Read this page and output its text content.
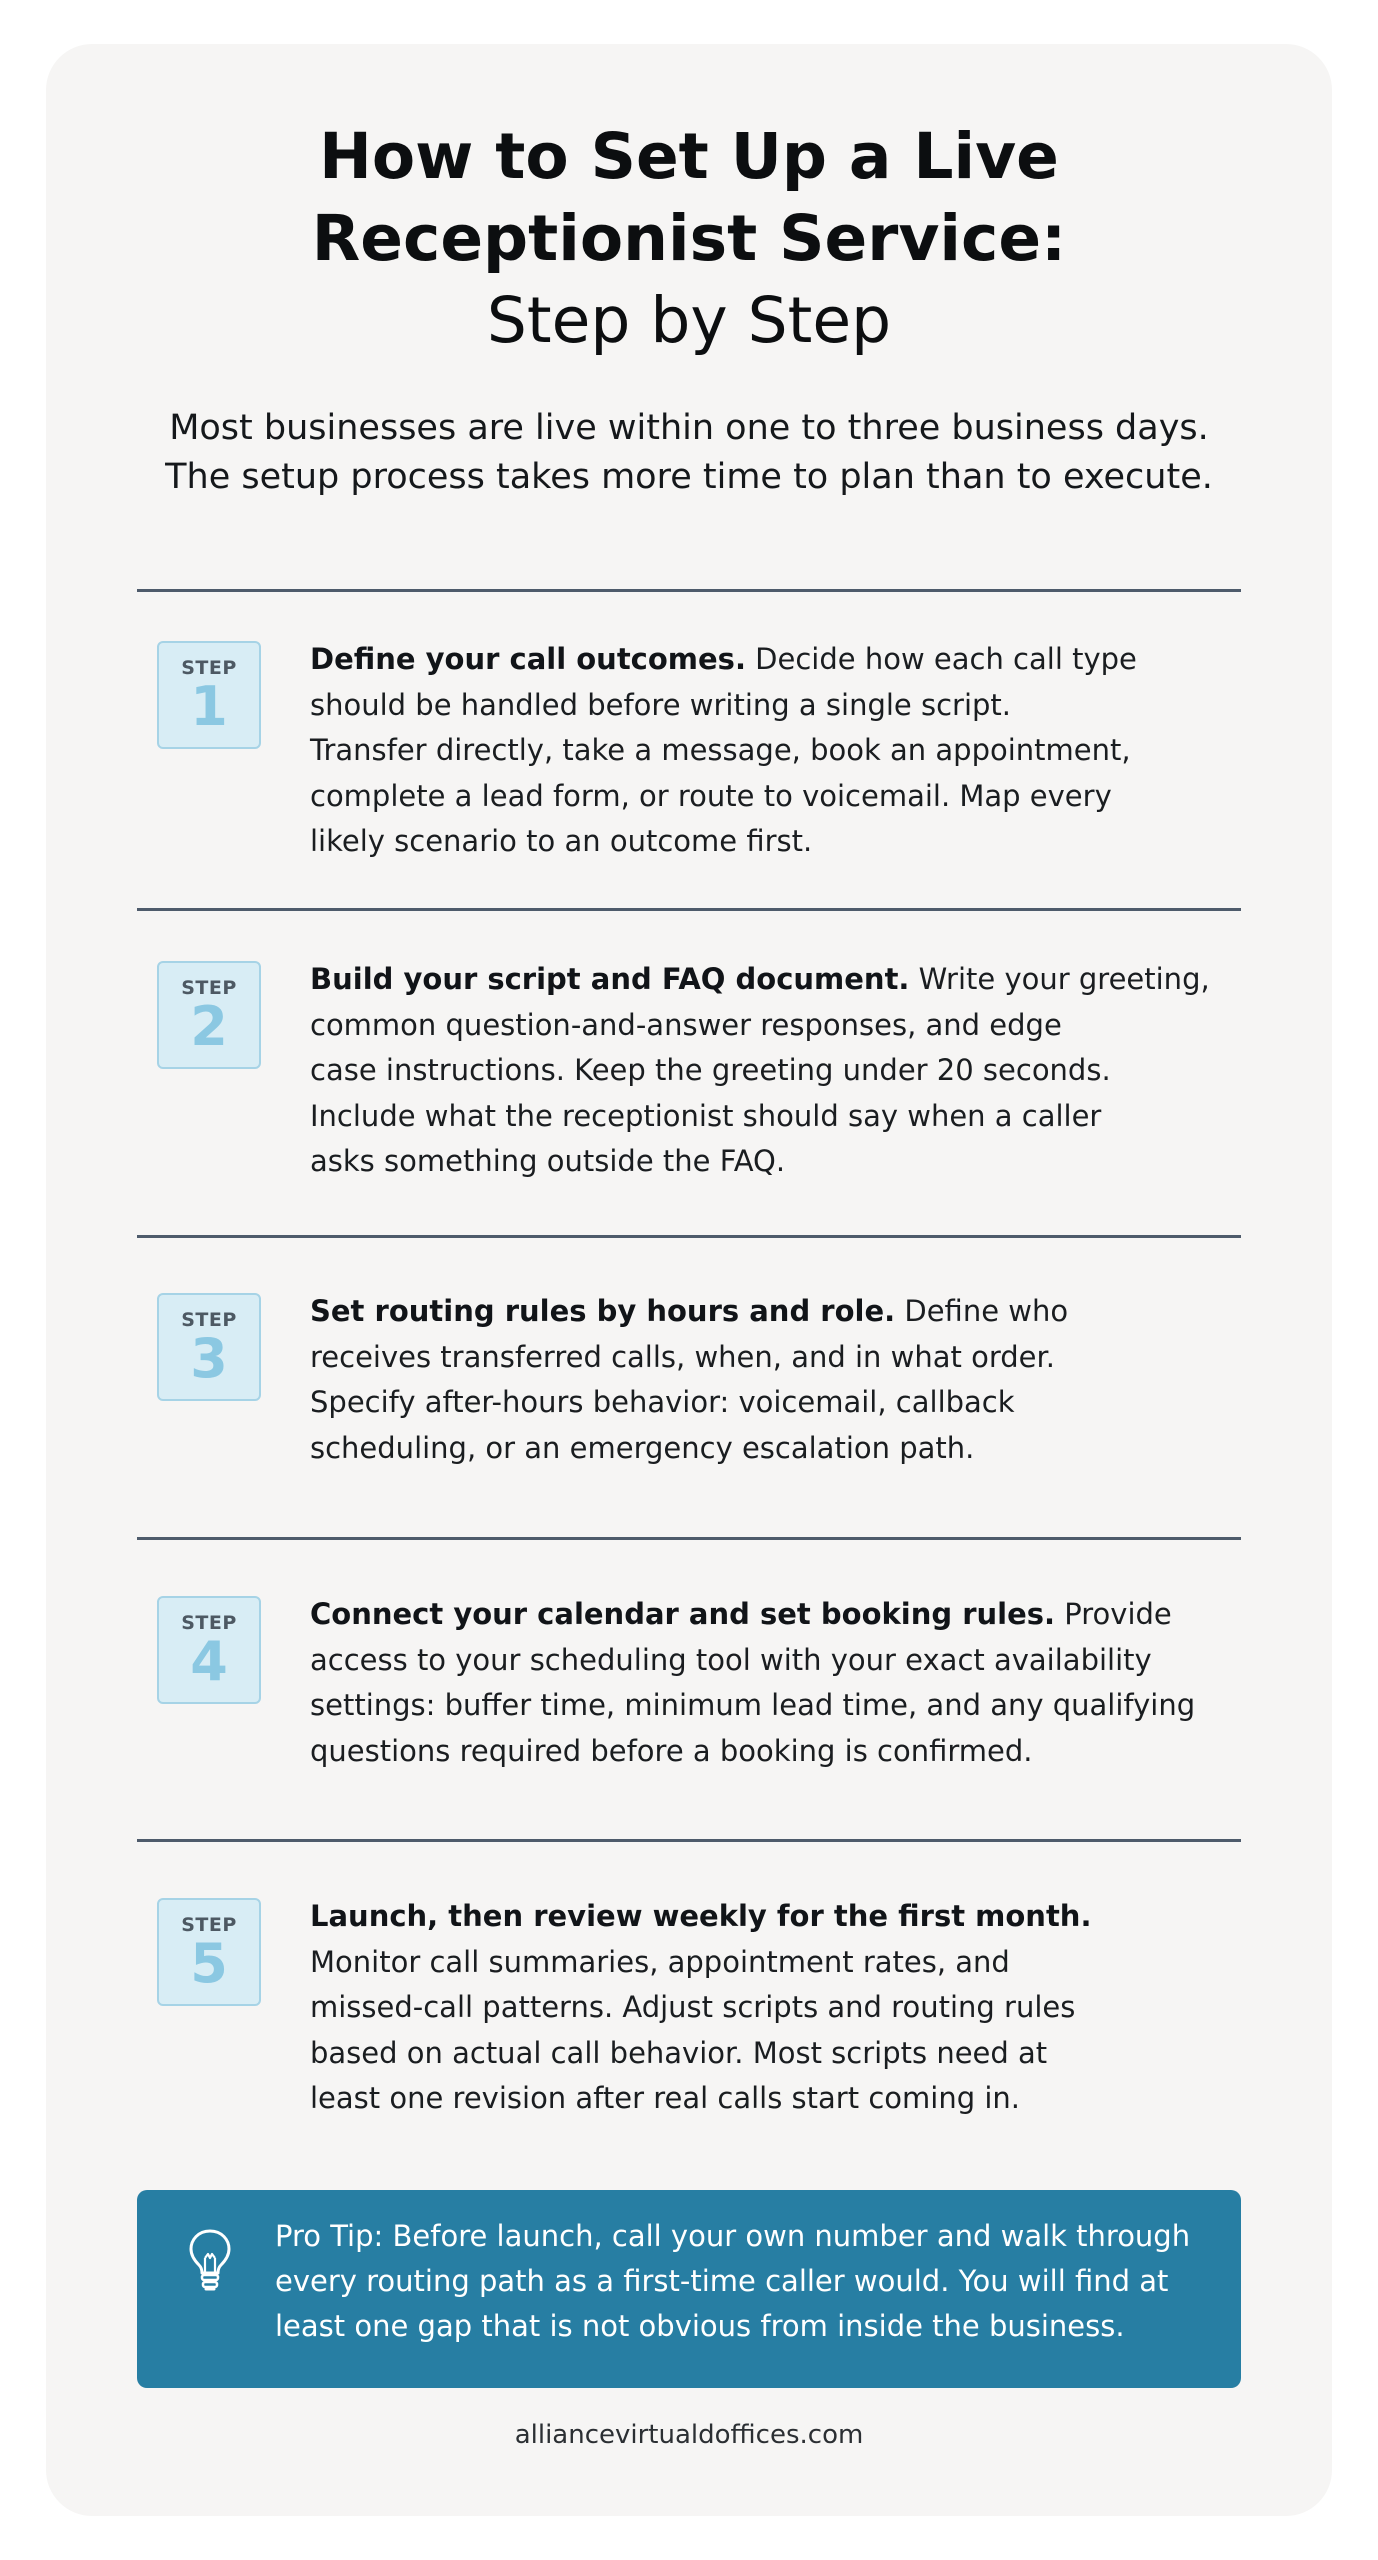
How to Set Up a Live
Receptionist Service:
Step by Step
Most businesses are live within one to three business days.
The setup process takes more time to plan than to execute.
STEP
1
Define your call outcomes. Decide how each call type
should be handled before writing a single script.
Transfer directly, take a message, book an appointment,
complete a lead form, or route to voicemail. Map every
likely scenario to an outcome first.
STEP
2
Build your script and FAQ document. Write your greeting,
common question-and-answer responses, and edge
case instructions. Keep the greeting under 20 seconds.
Include what the receptionist should say when a caller
asks something outside the FAQ.
STEP
3
Set routing rules by hours and role. Define who
receives transferred calls, when, and in what order.
Specify after-hours behavior: voicemail, callback
scheduling, or an emergency escalation path.
STEP
4
Connect your calendar and set booking rules. Provide
access to your scheduling tool with your exact availability
settings: buffer time, minimum lead time, and any qualifying
questions required before a booking is confirmed.
STEP
5
Launch, then review weekly for the first month.
Monitor call summaries, appointment rates, and
missed-call patterns. Adjust scripts and routing rules
based on actual call behavior. Most scripts need at
least one revision after real calls start coming in.
Pro Tip: Before launch, call your own number and walk through
every routing path as a first-time caller would. You will find at
least one gap that is not obvious from inside the business.
alliancevirtualdoffices.com
